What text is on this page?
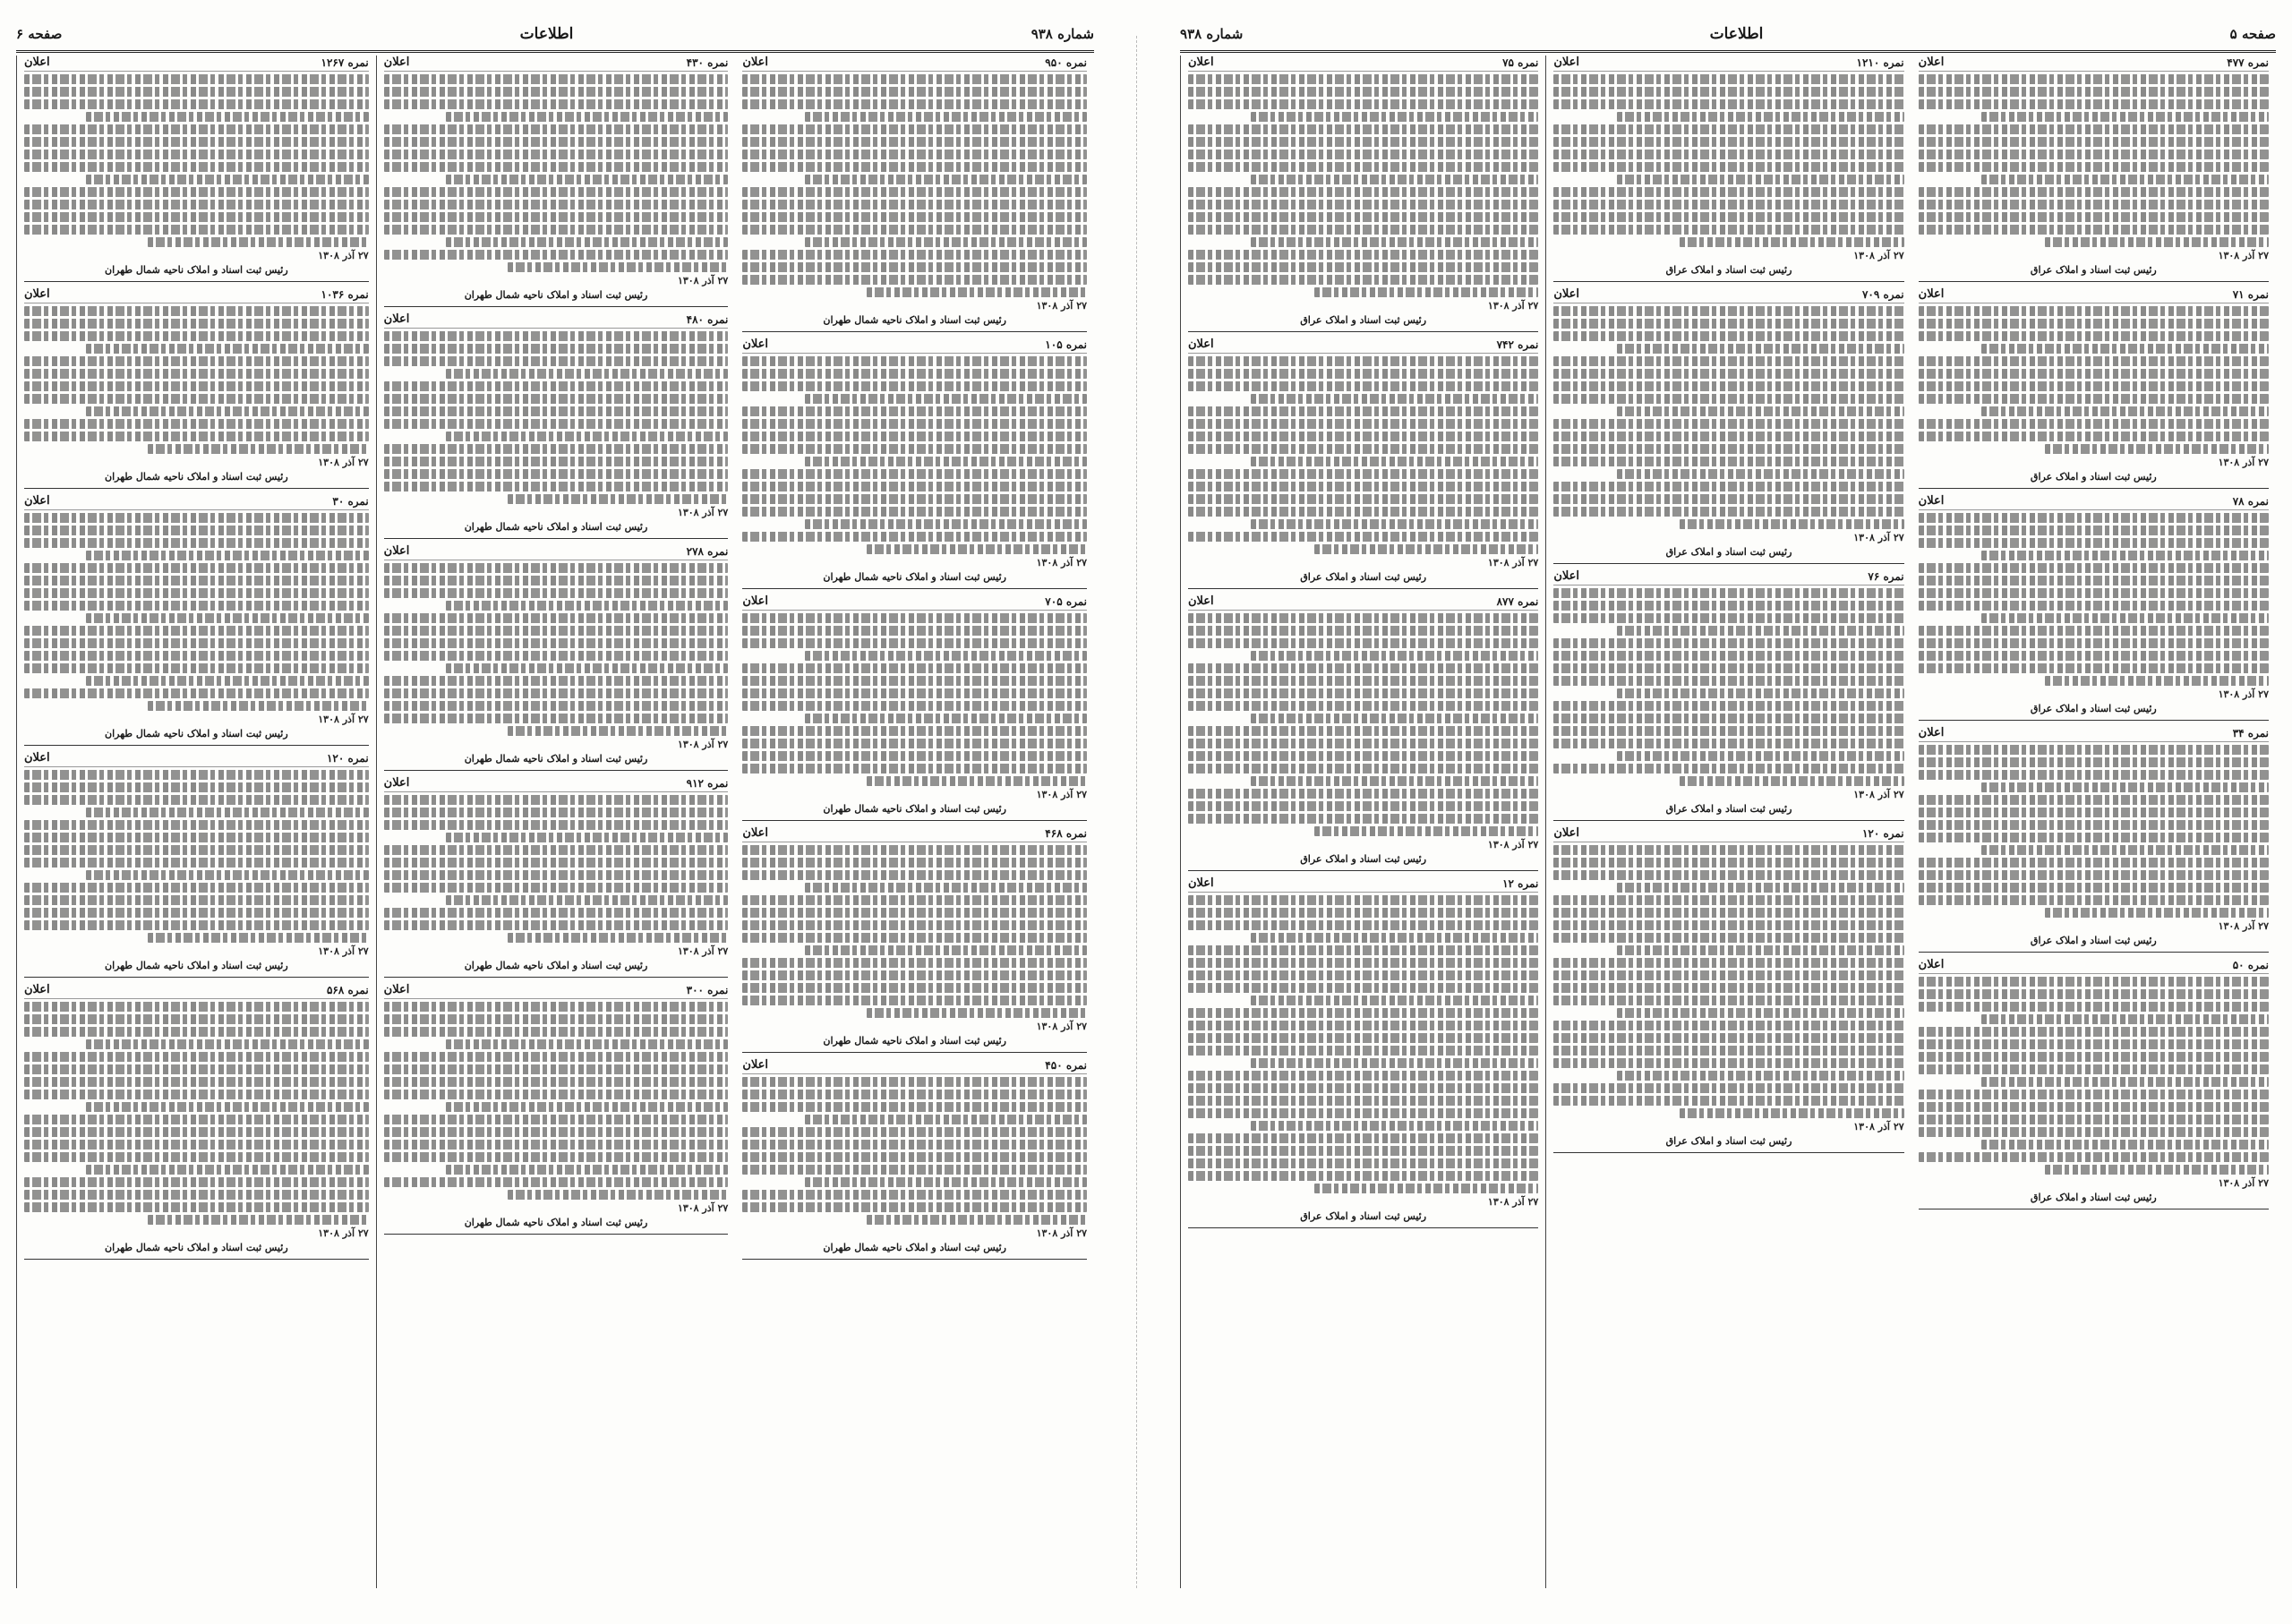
شماره ۹۳۸
اطلاعات
صفحه ۶
نمره ۱۲۶۷
اعلان
۲۷ آذر ۱۳۰۸
رئیس ثبت اسناد و املاک ناحیه شمال طهران
نمره ۱۰۳۶
اعلان
۲۷ آذر ۱۳۰۸
رئیس ثبت اسناد و املاک ناحیه شمال طهران
نمره ۳۰
اعلان
۲۷ آذر ۱۳۰۸
رئیس ثبت اسناد و املاک ناحیه شمال طهران
نمره ۱۲۰
اعلان
۲۷ آذر ۱۳۰۸
رئیس ثبت اسناد و املاک ناحیه شمال طهران
نمره ۵۶۸
اعلان
۲۷ آذر ۱۳۰۸
رئیس ثبت اسناد و املاک ناحیه شمال طهران
نمره ۴۳۰
اعلان
۲۷ آذر ۱۳۰۸
رئیس ثبت اسناد و املاک ناحیه شمال طهران
نمره ۴۸۰
اعلان
۲۷ آذر ۱۳۰۸
رئیس ثبت اسناد و املاک ناحیه شمال طهران
نمره ۲۷۸
اعلان
۲۷ آذر ۱۳۰۸
رئیس ثبت اسناد و املاک ناحیه شمال طهران
نمره ۹۱۲
اعلان
۲۷ آذر ۱۳۰۸
رئیس ثبت اسناد و املاک ناحیه شمال طهران
نمره ۳۰۰
اعلان
۲۷ آذر ۱۳۰۸
رئیس ثبت اسناد و املاک ناحیه شمال طهران
نمره ۹۵۰
اعلان
۲۷ آذر ۱۳۰۸
رئیس ثبت اسناد و املاک ناحیه شمال طهران
نمره ۱۰۵
اعلان
۲۷ آذر ۱۳۰۸
رئیس ثبت اسناد و املاک ناحیه شمال طهران
نمره ۷۰۵
اعلان
۲۷ آذر ۱۳۰۸
رئیس ثبت اسناد و املاک ناحیه شمال طهران
نمره ۴۶۸
اعلان
۲۷ آذر ۱۳۰۸
رئیس ثبت اسناد و املاک ناحیه شمال طهران
نمره ۴۵۰
اعلان
۲۷ آذر ۱۳۰۸
رئیس ثبت اسناد و املاک ناحیه شمال طهران
صفحه ۵
اطلاعات
شماره ۹۳۸
نمره ۷۵
اعلان
۲۷ آذر ۱۳۰۸
رئیس ثبت اسناد و املاک عراق
نمره ۷۴۲
اعلان
۲۷ آذر ۱۳۰۸
رئیس ثبت اسناد و املاک عراق
نمره ۸۷۷
اعلان
۲۷ آذر ۱۳۰۸
رئیس ثبت اسناد و املاک عراق
نمره ۱۲
اعلان
۲۷ آذر ۱۳۰۸
رئیس ثبت اسناد و املاک عراق
نمره ۱۲۱۰
اعلان
۲۷ آذر ۱۳۰۸
رئیس ثبت اسناد و املاک عراق
نمره ۷۰۹
اعلان
۲۷ آذر ۱۳۰۸
رئیس ثبت اسناد و املاک عراق
نمره ۷۶
اعلان
۲۷ آذر ۱۳۰۸
رئیس ثبت اسناد و املاک عراق
نمره ۱۲۰
اعلان
۲۷ آذر ۱۳۰۸
رئیس ثبت اسناد و املاک عراق
نمره ۴۷۷
اعلان
۲۷ آذر ۱۳۰۸
رئیس ثبت اسناد و املاک عراق
نمره ۷۱
اعلان
۲۷ آذر ۱۳۰۸
رئیس ثبت اسناد و املاک عراق
نمره ۷۸
اعلان
۲۷ آذر ۱۳۰۸
رئیس ثبت اسناد و املاک عراق
نمره ۳۴
اعلان
۲۷ آذر ۱۳۰۸
رئیس ثبت اسناد و املاک عراق
نمره ۵۰
اعلان
۲۷ آذر ۱۳۰۸
رئیس ثبت اسناد و املاک عراق
